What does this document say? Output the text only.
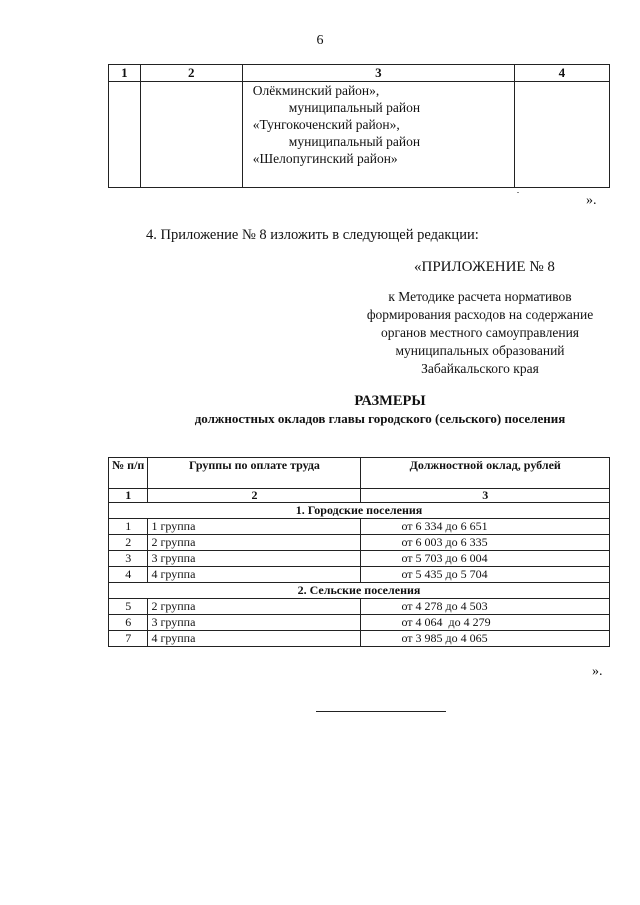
6
1	2	3	4

		Олёкминский район»,
муниципальный район
«Тунгокоченский район»,
муниципальный район
«Шелопугинский район»	

».
4. Приложение № 8 изложить в следующей редакции:
«ПРИЛОЖЕНИЕ № 8
к Методике расчета нормативов
формирования расходов на содержание
органов местного самоуправления
муниципальных образований
Забайкальского края
РАЗМЕРЫ
должностных окладов главы городского (сельского) поселения
№ п/п	Группы по оплате труда	Должностной оклад, рублей
1	2	3
1. Городские поселения		
1	1 группа	от 6 334 до 6 651
2	2 группа	от 6 003 до 6 335
3	3 группа	от 5 703 до 6 004
4	4 группа	от 5 435 до 5 704
2. Сельские поселения		
5	2 группа	от 4 278 до 4 503
6	3 группа	от 4 064  до 4 279
7	4 группа	от 3 985 до 4 065
».
